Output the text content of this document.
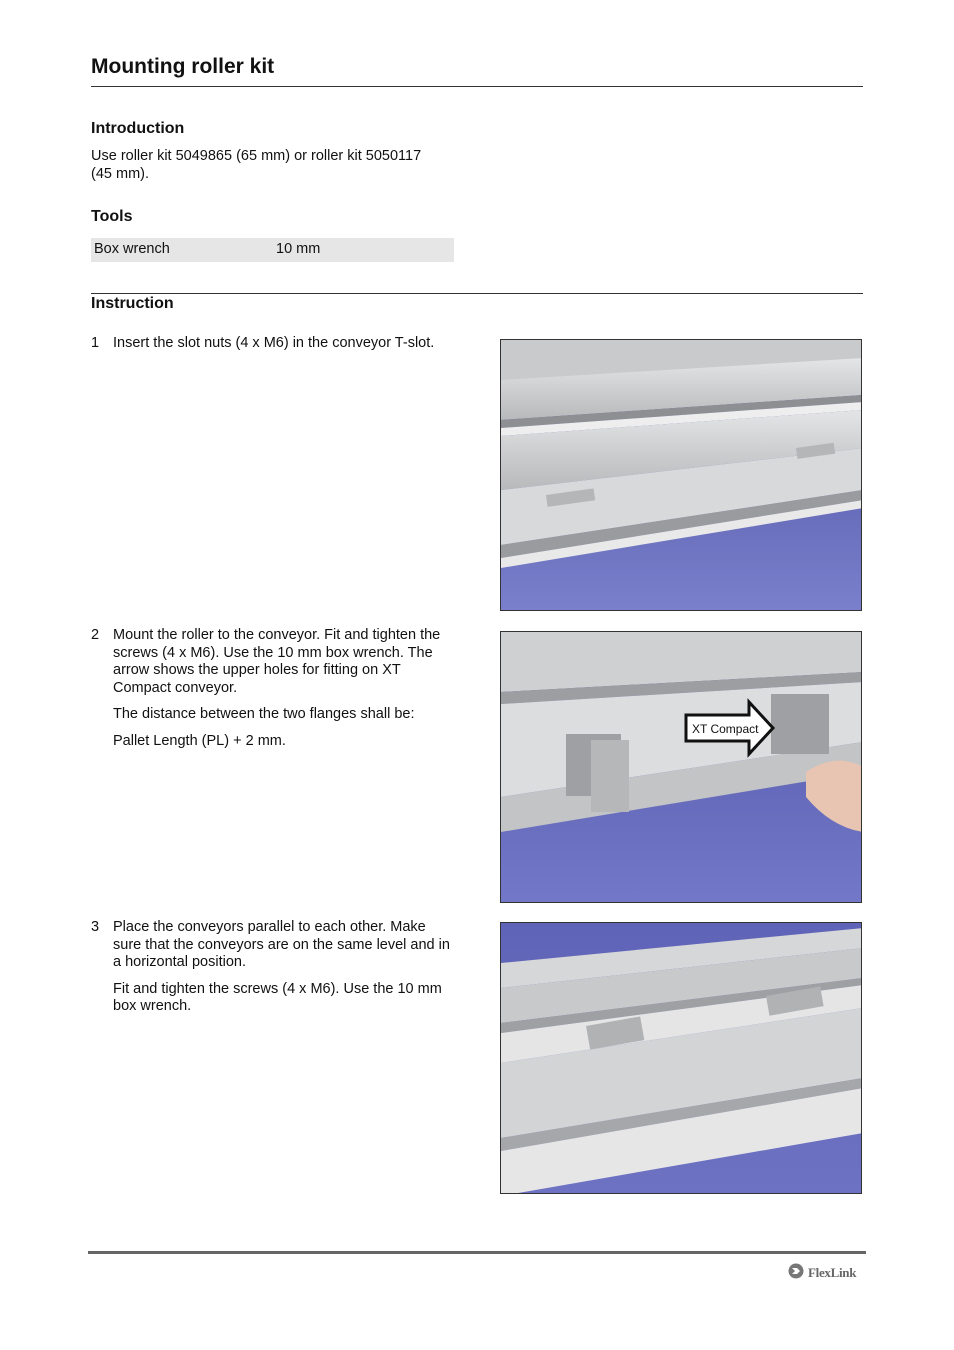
Mounting roller kit
Introduction
Use roller kit 5049865 (65 mm) or roller kit 5050117
(45 mm).
Tools
Box wrench	10 mm
Instruction
1 Insert the slot nuts (4 x M6) in the conveyor T-slot.

2 Mount the roller to the conveyor. Fit and tighten the screws (4 x M6). Use the 10 mm box wrench. The arrow shows the upper holes for fitting on XT Compact conveyor.

The distance between the two flanges shall be:

Pallet Length (PL) + 2 mm.

3 Place the conveyors parallel to each other. Make sure that the conveyors are on the same level and in a horizontal position.

Fit and tighten the screws (4 x M6). Use the 10 mm box wrench.

XT Compact
FlexLink
